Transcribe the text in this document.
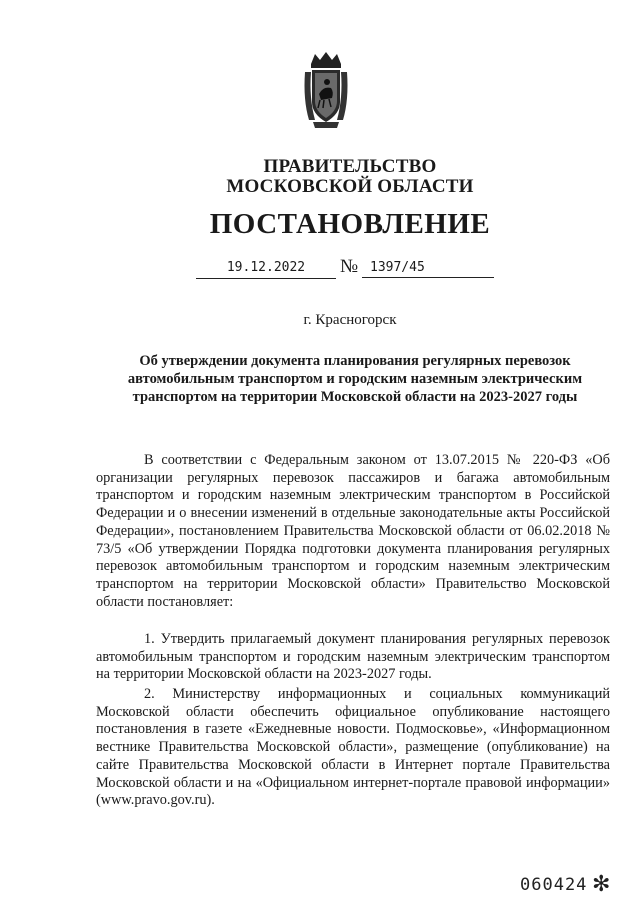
ПРАВИТЕЛЬСТВО
МОСКОВСКОЙ ОБЛАСТИ
ПОСТАНОВЛЕНИЕ
19.12.2022	№ 1397/45
г. Красногорск
Об утверждении документа планирования регулярных перевозок автомобильным транспортом и городским наземным электрическим транспортом на территории Московской области на 2023-2027 годы
В соответствии с Федеральным законом от 13.07.2015 № 220-ФЗ «Об организации регулярных перевозок пассажиров и багажа автомобильным транспортом и городским наземным электрическим транспортом в Российской Федерации и о внесении изменений в отдельные законодательные акты Российской Федерации», постановлением Правительства Московской области от 06.02.2018 № 73/5 «Об утверждении Порядка подготовки документа планирования регулярных перевозок автомобильным транспортом и городским наземным электрическим транспортом на территории Московской области» Правительство Московской области постановляет:
1. Утвердить прилагаемый документ планирования регулярных перевозок автомобильным транспортом и городским наземным электрическим транспортом на территории Московской области на 2023-2027 годы.
2. Министерству информационных и социальных коммуникаций Московской области обеспечить официальное опубликование настоящего постановления в газете «Ежедневные новости. Подмосковье», «Информационном вестнике Правительства Московской области», размещение (опубликование) на сайте Правительства Московской области в Интернет портале Правительства Московской области и на «Официальном интернет-портале правовой информации» (www.pravo.gov.ru).
060424 ✻
